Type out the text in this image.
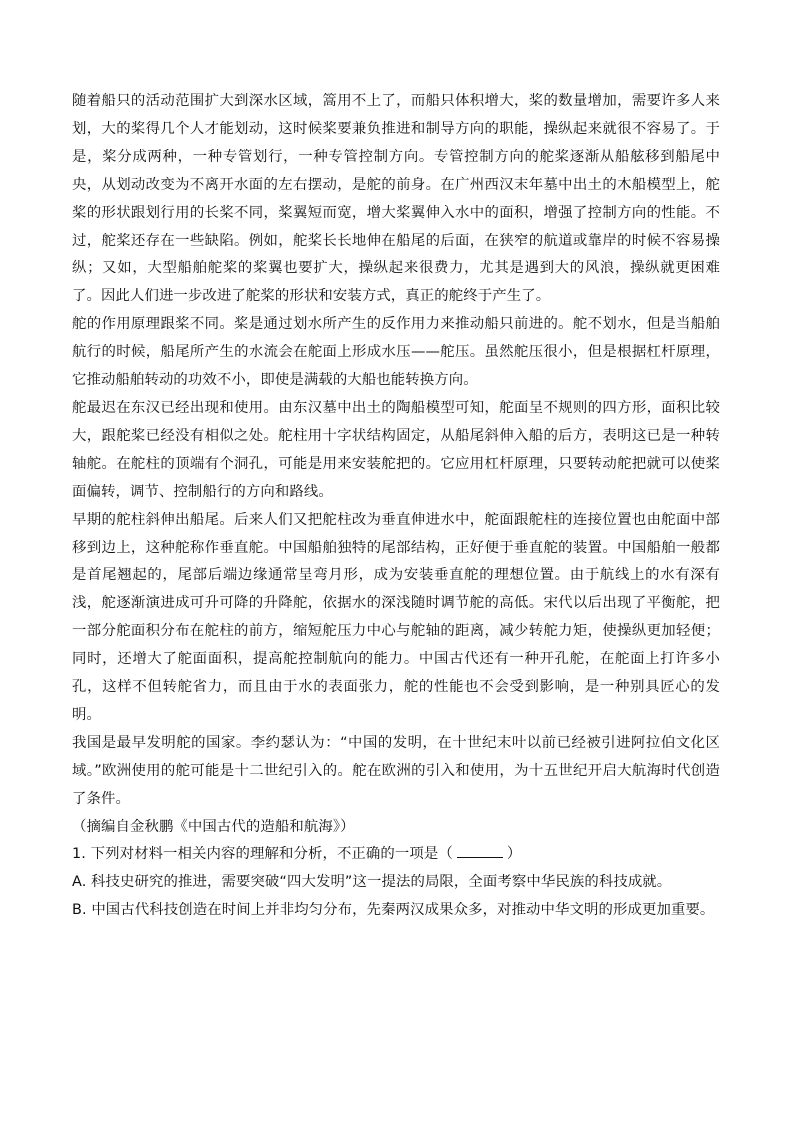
随着船只的活动范围扩大到深水区域，篙用不上了，而船只体积增大，桨的数量增加，需要许多人来划，大的桨得几个人才能划动，这时候桨要兼负推进和制导方向的职能，操纵起来就很不容易了。于是，桨分成两种，一种专管划行，一种专管控制方向。专管控制方向的舵桨逐渐从船舷移到船尾中央，从划动改变为不离开水面的左右摆动，是舵的前身。在广州西汉末年墓中出土的木船模型上，舵桨的形状跟划行用的长桨不同，桨翼短而宽，增大桨翼伸入水中的面积，增强了控制方向的性能。不过，舵桨还存在一些缺陷。例如，舵桨长长地伸在船尾的后面，在狭窄的航道或靠岸的时候不容易操纵；又如，大型船舶舵桨的桨翼也要扩大，操纵起来很费力，尤其是遇到大的风浪，操纵就更困难了。因此人们进一步改进了舵桨的形状和安装方式，真正的舵终于产生了。

舵的作用原理跟桨不同。桨是通过划水所产生的反作用力来推动船只前进的。舵不划水，但是当船舶航行的时候，船尾所产生的水流会在舵面上形成水压——舵压。虽然舵压很小，但是根据杠杆原理，它推动船舶转动的功效不小，即使是满载的大船也能转换方向。

舵最迟在东汉已经出现和使用。由东汉墓中出土的陶船模型可知，舵面呈不规则的四方形，面积比较大，跟舵桨已经没有相似之处。舵柱用十字状结构固定，从船尾斜伸入船的后方，表明这已是一种转轴舵。在舵柱的顶端有个洞孔，可能是用来安装舵把的。它应用杠杆原理，只要转动舵把就可以使桨面偏转，调节、控制船行的方向和路线。

早期的舵柱斜伸出船尾。后来人们又把舵柱改为垂直伸进水中，舵面跟舵柱的连接位置也由舵面中部移到边上，这种舵称作垂直舵。中国船舶独特的尾部结构，正好便于垂直舵的装置。中国船舶一般都是首尾翘起的，尾部后端边缘通常呈弯月形，成为安装垂直舵的理想位置。由于航线上的水有深有浅，舵逐渐演进成可升可降的升降舵，依据水的深浅随时调节舵的高低。宋代以后出现了平衡舵，把一部分舵面积分布在舵柱的前方，缩短舵压力中心与舵轴的距离，减少转舵力矩，使操纵更加轻便；同时，还增大了舵面面积，提高舵控制航向的能力。中国古代还有一种开孔舵，在舵面上打许多小孔，这样不但转舵省力，而且由于水的表面张力，舵的性能也不会受到影响，是一种别具匠心的发明。

我国是最早发明舵的国家。李约瑟认为：“中国的发明，在十世纪末叶以前已经被引进阿拉伯文化区域。”欧洲使用的舵可能是十二世纪引入的。舵在欧洲的引入和使用，为十五世纪开启大航海时代创造了条件。

（摘编自金秋鹏《中国古代的造船和航海》）

1. 下列对材料一相关内容的理解和分析，不正确的一项是（	）

A. 科技史研究的推进，需要突破“四大发明”这一提法的局限，全面考察中华民族的科技成就。

B. 中国古代科技创造在时间上并非均匀分布，先秦两汉成果众多，对推动中华文明的形成更加重要。
